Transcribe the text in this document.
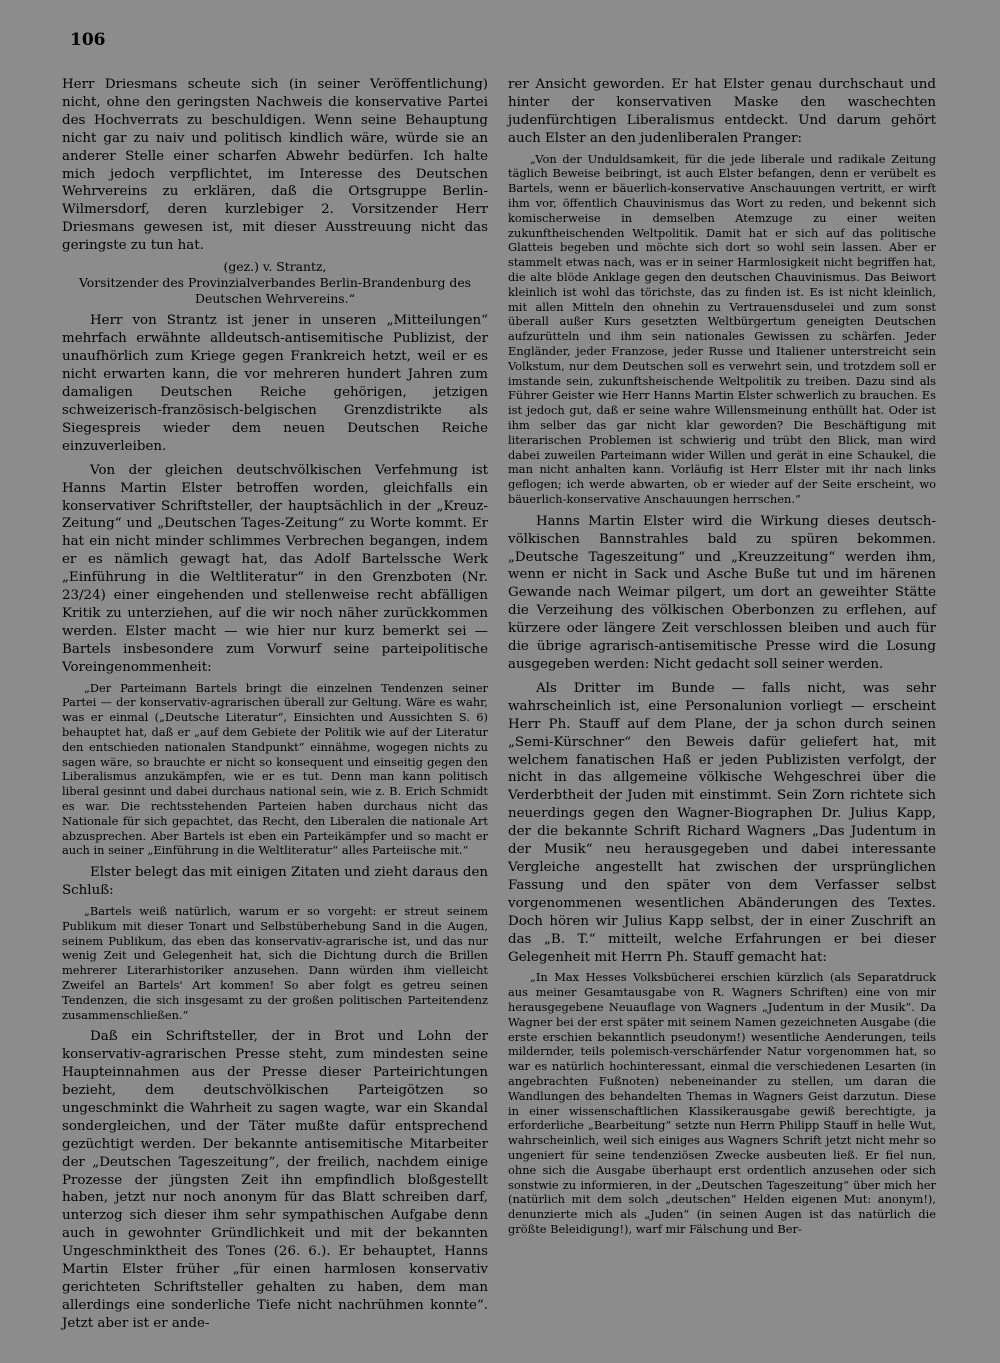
106

Herr Driesmans scheute sich (in seiner Veröffentlichung) nicht, ohne den geringsten Nachweis die konservative Partei des Hochverrats zu beschuldigen. Wenn seine Behauptung nicht gar zu naiv und politisch kindlich wäre, würde sie an anderer Stelle einer scharfen Abwehr bedürfen. Ich halte mich jedoch verpflichtet, im Interesse des Deutschen Wehrvereins zu erklären, daß die Ortsgruppe Berlin-Wilmersdorf, deren kurzlebiger 2. Vorsitzender Herr Driesmans gewesen ist, mit dieser Ausstreuung nicht das geringste zu tun hat.

(gez.) v. Strantz,
Vorsitzender des Provinzialverbandes Berlin-Brandenburg des Deutschen Wehrvereins.“

Herr von Strantz ist jener in unseren „Mitteilungen“ mehrfach erwähnte alldeutsch-antisemitische Publizist, der unaufhörlich zum Kriege gegen Frankreich hetzt, weil er es nicht erwarten kann, die vor mehreren hundert Jahren zum damaligen Deutschen Reiche gehörigen, jetzigen schweizerisch-französisch-belgischen Grenzdistrikte als Siegespreis wieder dem neuen Deutschen Reiche einzuverleiben.

Von der gleichen deutschvölkischen Verfehmung ist Hanns Martin Elster betroffen worden, gleichfalls ein konservativer Schriftsteller, der hauptsächlich in der „Kreuz-Zeitung“ und „Deutschen Tages-Zeitung“ zu Worte kommt. Er hat ein nicht minder schlimmes Verbrechen begangen, indem er es nämlich gewagt hat, das Adolf Bartelssche Werk „Einführung in die Weltliteratur“ in den Grenzboten (Nr. 23/24) einer eingehenden und stellenweise recht abfälligen Kritik zu unterziehen, auf die wir noch näher zurückkommen werden. Elster macht — wie hier nur kurz bemerkt sei — Bartels insbesondere zum Vorwurf seine parteipolitische Voreingenommenheit:

„Der Parteimann Bartels bringt die einzelnen Tendenzen seiner Partei — der konservativ-agrarischen überall zur Geltung. Wäre es wahr, was er einmal („Deutsche Literatur“, Einsichten und Aussichten S. 6) behauptet hat, daß er „auf dem Gebiete der Politik wie auf der Literatur den entschieden nationalen Standpunkt“ einnähme, wogegen nichts zu sagen wäre, so brauchte er nicht so konsequent und einseitig gegen den Liberalismus anzukämpfen, wie er es tut. Denn man kann politisch liberal gesinnt und dabei durchaus national sein, wie z. B. Erich Schmidt es war. Die rechtsstehenden Parteien haben durchaus nicht das Nationale für sich gepachtet, das Recht, den Liberalen die nationale Art abzusprechen. Aber Bartels ist eben ein Parteikämpfer und so macht er auch in seiner „Einführung in die Weltliteratur“ alles Parteiische mit.“

Elster belegt das mit einigen Zitaten und zieht daraus den Schluß:

„Bartels weiß natürlich, warum er so vorgeht: er streut seinem Publikum mit dieser Tonart und Selbstüberhebung Sand in die Augen, seinem Publikum, das eben das konservativ-agrarische ist, und das nur wenig Zeit und Gelegenheit hat, sich die Dichtung durch die Brillen mehrerer Literarhistoriker anzusehen. Dann würden ihm vielleicht Zweifel an Bartels' Art kommen! So aber folgt es getreu seinen Tendenzen, die sich insgesamt zu der großen politischen Parteitendenz zusammenschließen.“

Daß ein Schriftsteller, der in Brot und Lohn der konservativ-agrarischen Presse steht, zum mindesten seine Haupteinnahmen aus der Presse dieser Parteirichtungen bezieht, dem deutschvölkischen Parteigötzen so ungeschminkt die Wahrheit zu sagen wagte, war ein Skandal sondergleichen, und der Täter mußte dafür entsprechend gezüchtigt werden. Der bekannte antisemitische Mitarbeiter der „Deutschen Tageszeitung“, der freilich, nachdem einige Prozesse der jüngsten Zeit ihn empfindlich bloßgestellt haben, jetzt nur noch anonym für das Blatt schreiben darf, unterzog sich dieser ihm sehr sympathischen Aufgabe denn auch in gewohnter Gründlichkeit und mit der bekannten Ungeschminktheit des Tones (26. 6.). Er behauptet, Hanns Martin Elster früher „für einen harmlosen konservativ gerichteten Schriftsteller gehalten zu haben, dem man allerdings eine sonderliche Tiefe nicht nachrühmen konnte“. Jetzt aber ist er ande-

rer Ansicht geworden. Er hat Elster genau durchschaut und hinter der konservativen Maske den waschechten judenfürchtigen Liberalismus entdeckt. Und darum gehört auch Elster an den judenliberalen Pranger:

„Von der Unduldsamkeit, für die jede liberale und radikale Zeitung täglich Beweise beibringt, ist auch Elster befangen, denn er verübelt es Bartels, wenn er bäuerlich-konservative Anschauungen vertritt, er wirft ihm vor, öffentlich Chauvinismus das Wort zu reden, und bekennt sich komischerweise in demselben Atemzuge zu einer weiten zukunftheischenden Weltpolitik. Damit hat er sich auf das politische Glatteis begeben und möchte sich dort so wohl sein lassen. Aber er stammelt etwas nach, was er in seiner Harmlosigkeit nicht begriffen hat, die alte blöde Anklage gegen den deutschen Chauvinismus. Das Beiwort kleinlich ist wohl das törichste, das zu finden ist. Es ist nicht kleinlich, mit allen Mitteln den ohnehin zu Vertrauensduselei und zum sonst überall außer Kurs gesetzten Weltbürgertum geneigten Deutschen aufzurütteln und ihm sein nationales Gewissen zu schärfen. Jeder Engländer, jeder Franzose, jeder Russe und Italiener unterstreicht sein Volkstum, nur dem Deutschen soll es verwehrt sein, und trotzdem soll er imstande sein, zukunftsheischende Weltpolitik zu treiben. Dazu sind als Führer Geister wie Herr Hanns Martin Elster schwerlich zu brauchen. Es ist jedoch gut, daß er seine wahre Willensmeinung enthüllt hat. Oder ist ihm selber das gar nicht klar geworden? Die Beschäftigung mit literarischen Problemen ist schwierig und trübt den Blick, man wird dabei zuweilen Parteimann wider Willen und gerät in eine Schaukel, die man nicht anhalten kann. Vorläufig ist Herr Elster mit ihr nach links geflogen; ich werde abwarten, ob er wieder auf der Seite erscheint, wo bäuerlich-konservative Anschauungen herrschen.“

Hanns Martin Elster wird die Wirkung dieses deutsch-völkischen Bannstrahles bald zu spüren bekommen. „Deutsche Tageszeitung“ und „Kreuzzeitung“ werden ihm, wenn er nicht in Sack und Asche Buße tut und im härenen Gewande nach Weimar pilgert, um dort an geweihter Stätte die Verzeihung des völkischen Oberbonzen zu erflehen, auf kürzere oder längere Zeit verschlossen bleiben und auch für die übrige agrarisch-antisemitische Presse wird die Losung ausgegeben werden: Nicht gedacht soll seiner werden.

Als Dritter im Bunde — falls nicht, was sehr wahrscheinlich ist, eine Personalunion vorliegt — erscheint Herr Ph. Stauff auf dem Plane, der ja schon durch seinen „Semi-Kürschner“ den Beweis dafür geliefert hat, mit welchem fanatischen Haß er jeden Publizisten verfolgt, der nicht in das allgemeine völkische Wehgeschrei über die Verderbtheit der Juden mit einstimmt. Sein Zorn richtete sich neuerdings gegen den Wagner-Biographen Dr. Julius Kapp, der die bekannte Schrift Richard Wagners „Das Judentum in der Musik“ neu herausgegeben und dabei interessante Vergleiche angestellt hat zwischen der ursprünglichen Fassung und den später von dem Verfasser selbst vorgenommenen wesentlichen Abänderungen des Textes. Doch hören wir Julius Kapp selbst, der in einer Zuschrift an das „B. T.“ mitteilt, welche Erfahrungen er bei dieser Gelegenheit mit Herrn Ph. Stauff gemacht hat:

„In Max Hesses Volksbücherei erschien kürzlich (als Separatdruck aus meiner Gesamtausgabe von R. Wagners Schriften) eine von mir herausgegebene Neuauflage von Wagners „Judentum in der Musik“. Da Wagner bei der erst später mit seinem Namen gezeichneten Ausgabe (die erste erschien bekanntlich pseudonym!) wesentliche Aenderungen, teils mildernder, teils polemisch-verschärfender Natur vorgenommen hat, so war es natürlich hochinteressant, einmal die verschiedenen Lesarten (in angebrachten Fußnoten) nebeneinander zu stellen, um daran die Wandlungen des behandelten Themas in Wagners Geist darzutun. Diese in einer wissenschaftlichen Klassikerausgabe gewiß berechtigte, ja erforderliche „Bearbeitung“ setzte nun Herrn Philipp Stauff in helle Wut, wahrscheinlich, weil sich einiges aus Wagners Schrift jetzt nicht mehr so ungeniert für seine tendenziösen Zwecke ausbeuten ließ. Er fiel nun, ohne sich die Ausgabe überhaupt erst ordentlich anzusehen oder sich sonstwie zu informieren, in der „Deutschen Tageszeitung“ über mich her (natürlich mit dem solch „deutschen“ Helden eigenen Mut: anonym!), denunzierte mich als „Juden“ (in seinen Augen ist das natürlich die größte Beleidigung!), warf mir Fälschung und Ber-
